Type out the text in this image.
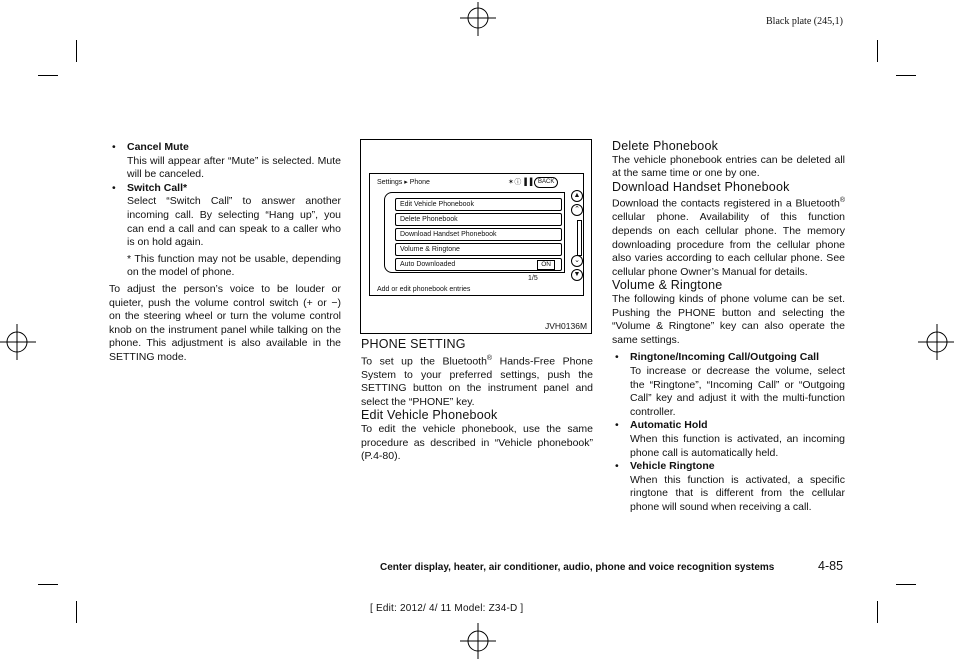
Black plate (245,1)

• Cancel Mute

This will appear after “Mute” is selected. Mute will be canceled.

• Switch Call*

Select “Switch Call” to answer another incoming call. By selecting “Hang up”, you can end a call and can speak to a caller who is on hold again.

* This function may not be usable, depending on the model of phone.

To adjust the person’s voice to be louder or quieter, push the volume control switch (+ or −) on the steering wheel or turn the volume control knob on the instrument panel while talking on the phone. This adjustment is also available in the SETTING mode.

Settings ▸ Phone	✶ⓘ▐▐ BACK
Edit Vehicle Phonebook
Delete Phonebook
Download Handset Phonebook
Volume & Ringtone
Auto Downloaded	ON
▲
⌃
⌄
▼
1/5
Add or edit phonebook entries
JVH0136M

PHONE SETTING

To set up the Bluetooth® Hands-Free Phone System to your preferred settings, push the SETTING button on the instrument panel and select the “PHONE” key.

Edit Vehicle Phonebook

To edit the vehicle phonebook, use the same procedure as described in “Vehicle phonebook” (P.4-80).

Delete Phonebook

The vehicle phonebook entries can be deleted all at the same time or one by one.

Download Handset Phonebook

Download the contacts registered in a Bluetooth® cellular phone. Availability of this function depends on each cellular phone. The memory downloading procedure from the cellular phone also varies according to each cellular phone. See cellular phone Owner’s Manual for details.

Volume & Ringtone

The following kinds of phone volume can be set. Pushing the PHONE button and selecting the “Volume & Ringtone” key can also operate the same settings.

• Ringtone/Incoming Call/Outgoing Call

To increase or decrease the volume, select the “Ringtone”, “Incoming Call” or “Outgoing Call” key and adjust it with the multi-function controller.

• Automatic Hold

When this function is activated, an incoming phone call is automatically held.

• Vehicle Ringtone

When this function is activated, a specific ringtone that is different from the cellular phone will sound when receiving a call.

Center display, heater, air conditioner, audio, phone and voice recognition systems	4-85
[ Edit: 2012/ 4/ 11 Model: Z34-D ]
